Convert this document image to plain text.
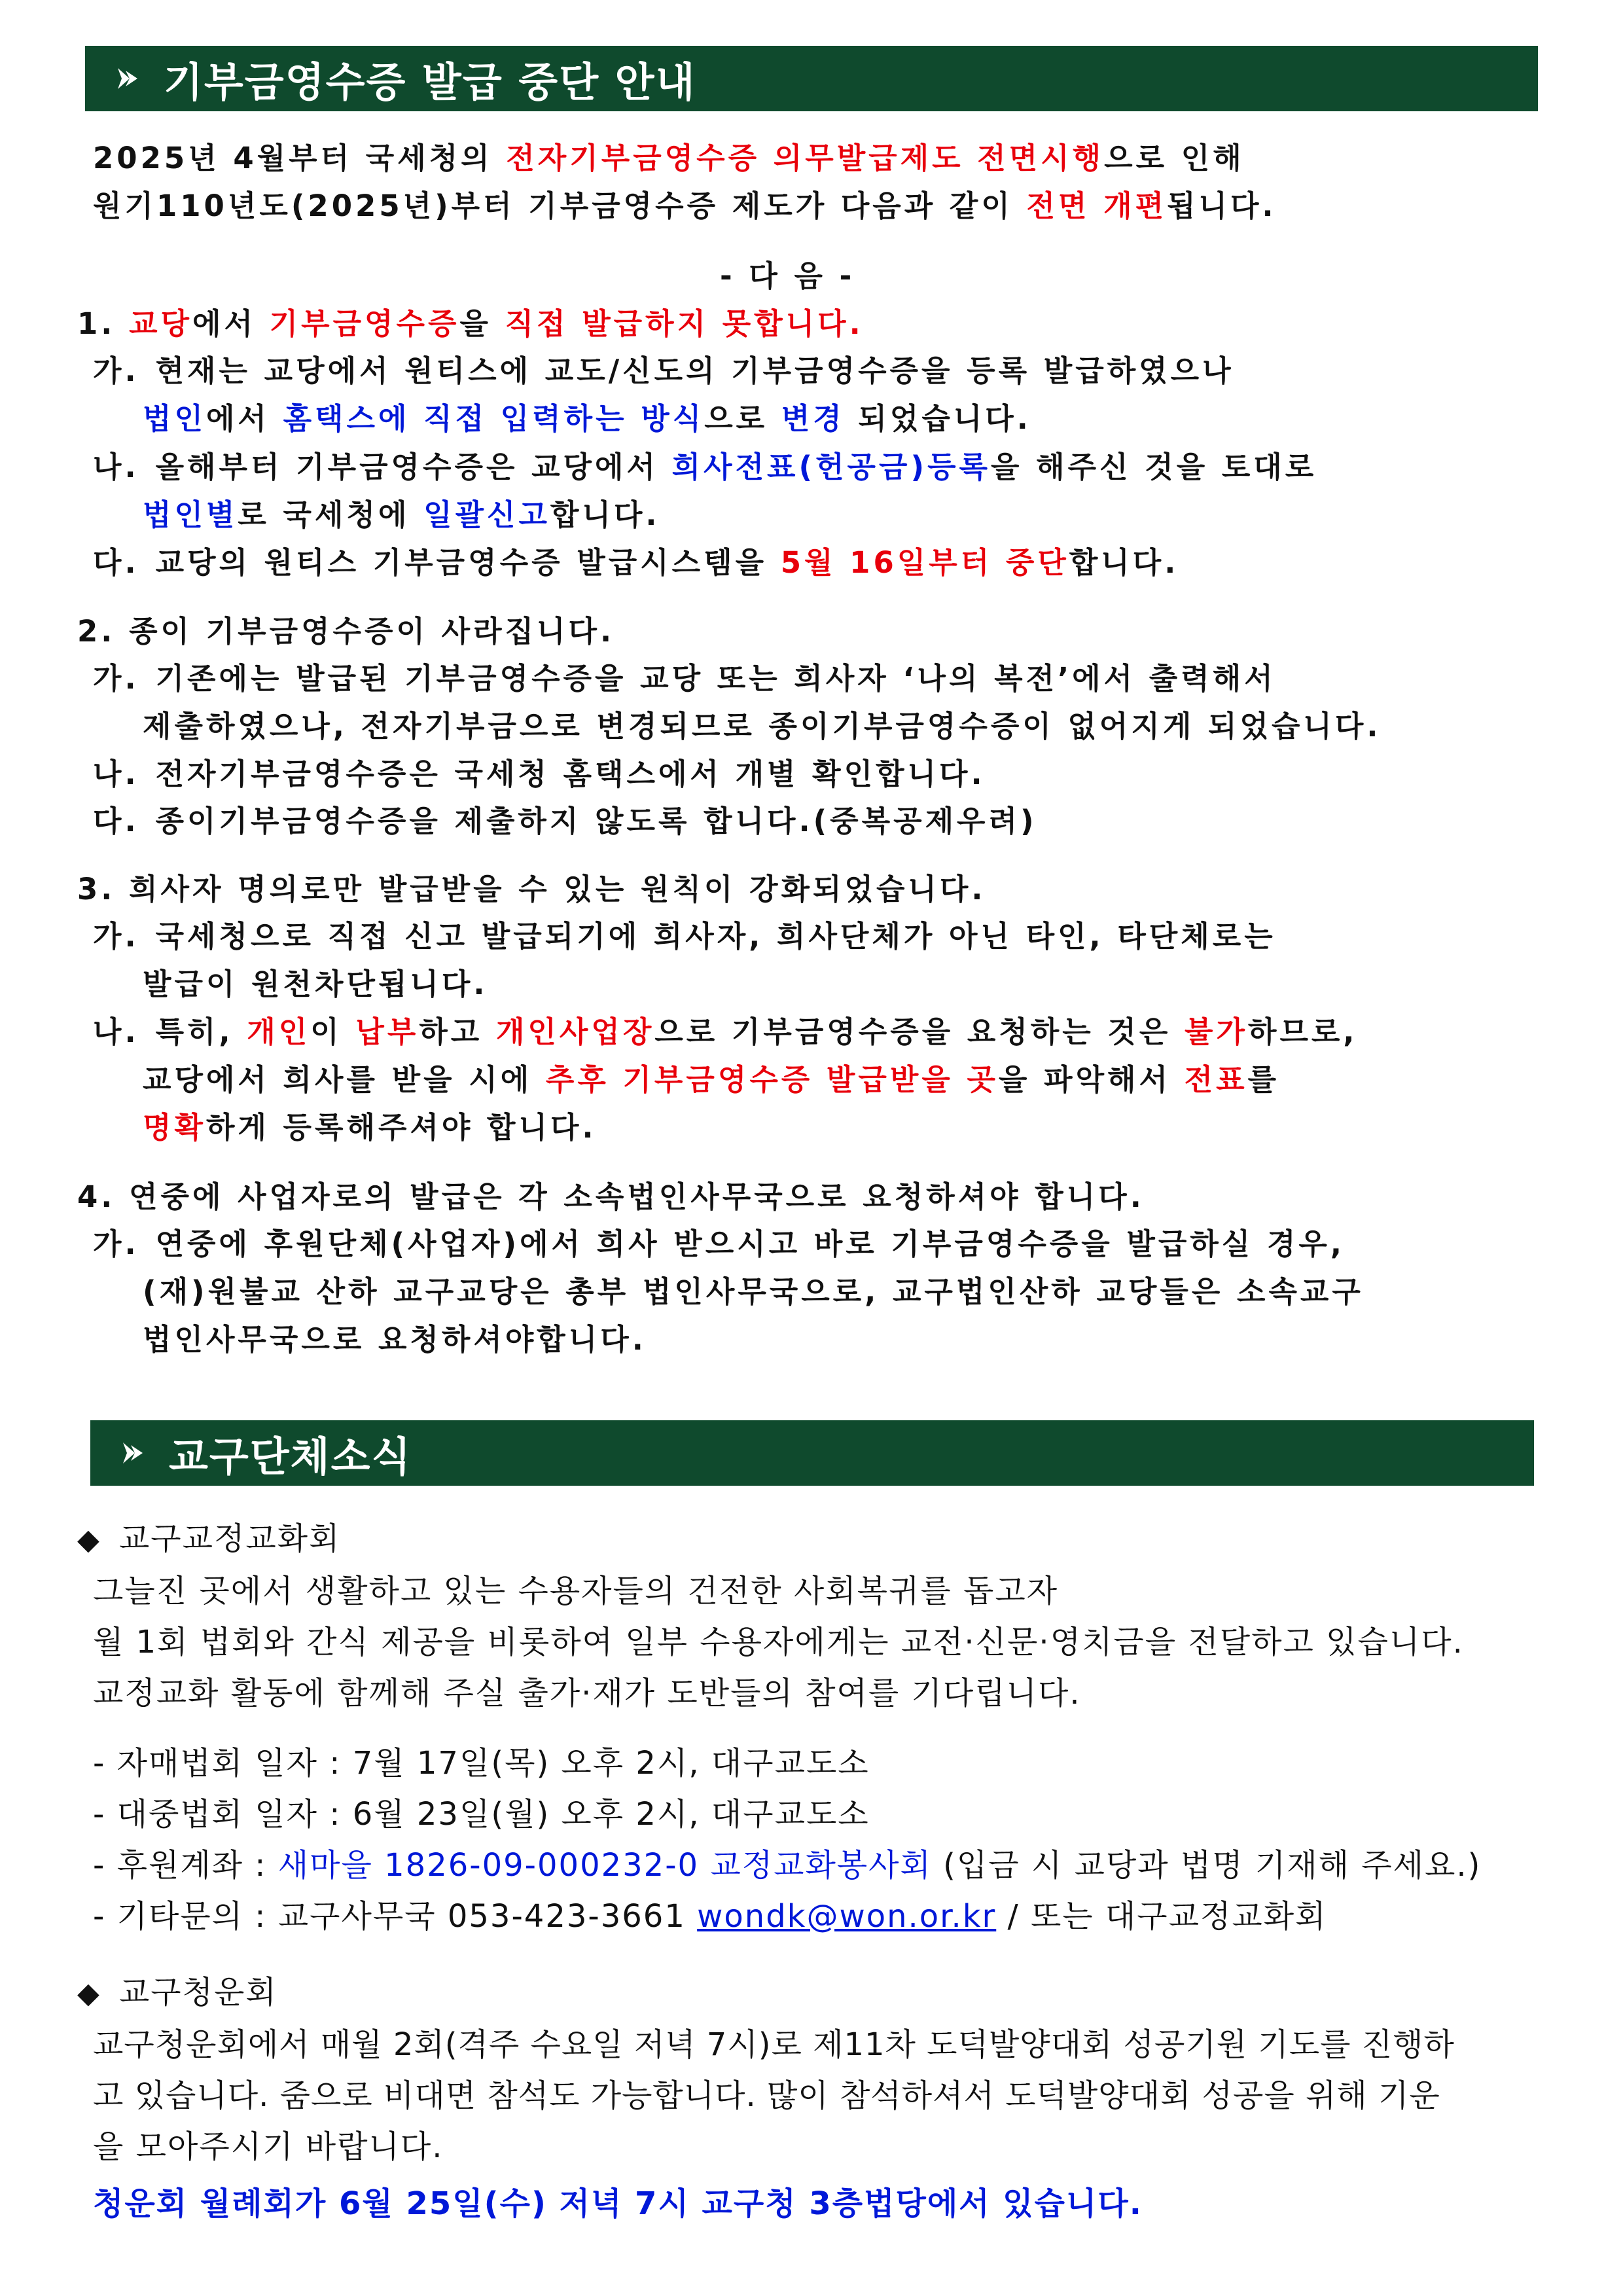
기부금영수증 발급 중단 안내
2025년 4월부터 국세청의 전자기부금영수증 의무발급제도 전면시행으로 인해
원기110년도(2025년)부터 기부금영수증 제도가 다음과 같이 전면 개편됩니다.
- 다 음 -
1. 교당에서 기부금영수증을 직접 발급하지 못합니다.
가. 현재는 교당에서 원티스에 교도/신도의 기부금영수증을 등록 발급하였으나
법인에서 홈택스에 직접 입력하는 방식으로 변경 되었습니다.
나. 올해부터 기부금영수증은 교당에서 희사전표(헌공금)등록을 해주신 것을 토대로
법인별로 국세청에 일괄신고합니다.
다. 교당의 원티스 기부금영수증 발급시스템을 5월 16일부터 중단합니다.
2. 종이 기부금영수증이 사라집니다.
가. 기존에는 발급된 기부금영수증을 교당 또는 희사자 ‘나의 복전’에서 출력해서
제출하였으나, 전자기부금으로 변경되므로 종이기부금영수증이 없어지게 되었습니다.
나. 전자기부금영수증은 국세청 홈택스에서 개별 확인합니다.
다. 종이기부금영수증을 제출하지 않도록 합니다.(중복공제우려)
3. 희사자 명의로만 발급받을 수 있는 원칙이 강화되었습니다.
가. 국세청으로 직접 신고 발급되기에 희사자, 희사단체가 아닌 타인, 타단체로는
발급이 원천차단됩니다.
나. 특히, 개인이 납부하고 개인사업장으로 기부금영수증을 요청하는 것은 불가하므로,
교당에서 희사를 받을 시에 추후 기부금영수증 발급받을 곳을 파악해서 전표를
명확하게 등록해주셔야 합니다.
4. 연중에 사업자로의 발급은 각 소속법인사무국으로 요청하셔야 합니다.
가. 연중에 후원단체(사업자)에서 희사 받으시고 바로 기부금영수증을 발급하실 경우,
(재)원불교 산하 교구교당은 총부 법인사무국으로, 교구법인산하 교당들은 소속교구
법인사무국으로 요청하셔야합니다.
교구단체소식
◆ 교구교정교화회
그늘진 곳에서 생활하고 있는 수용자들의 건전한 사회복귀를 돕고자
월 1회 법회와 간식 제공을 비롯하여 일부 수용자에게는 교전·신문·영치금을 전달하고 있습니다.
교정교화 활동에 함께해 주실 출가·재가 도반들의 참여를 기다립니다.
- 자매법회 일자 : 7월 17일(목) 오후 2시, 대구교도소
- 대중법회 일자 : 6월 23일(월) 오후 2시, 대구교도소
- 후원계좌 : 새마을 1826-09-000232-0 교정교화봉사회 (입금 시 교당과 법명 기재해 주세요.)
- 기타문의 : 교구사무국 053-423-3661 wondk@won.or.kr / 또는 대구교정교화회
◆ 교구청운회
교구청운회에서 매월 2회(격주 수요일 저녁 7시)로 제11차 도덕발양대회 성공기원 기도를 진행하
고 있습니다. 줌으로 비대면 참석도 가능합니다. 많이 참석하셔서 도덕발양대회 성공을 위해 기운
을 모아주시기 바랍니다.
청운회 월례회가 6월 25일(수) 저녁 7시 교구청 3층법당에서 있습니다.
